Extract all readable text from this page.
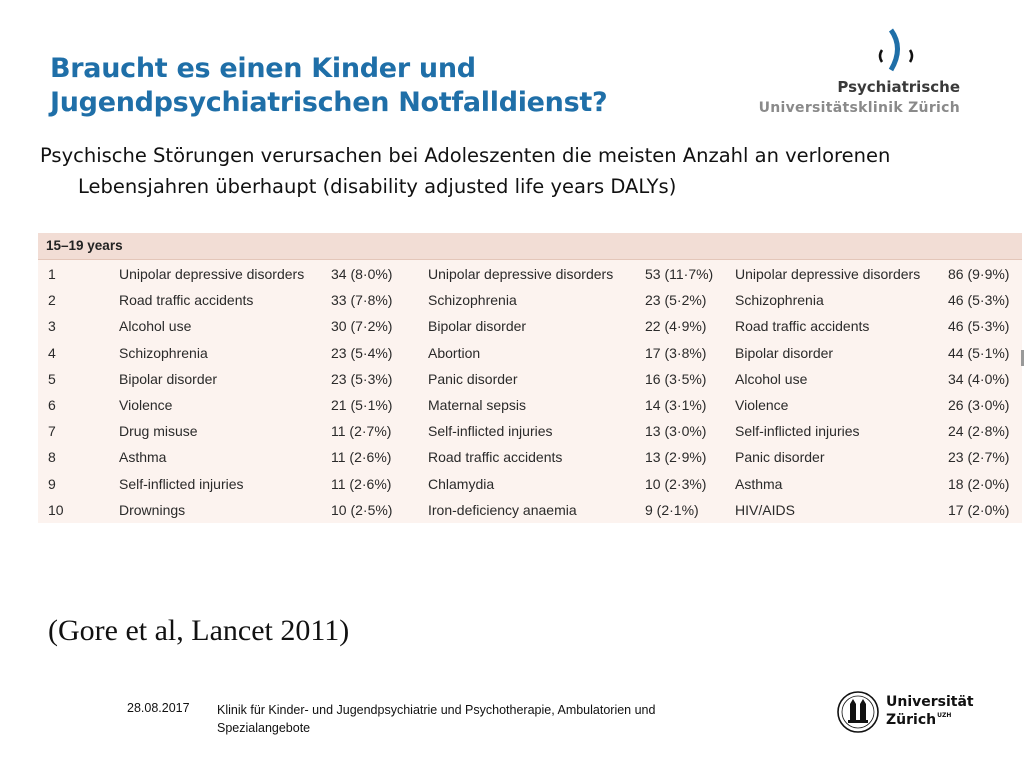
Braucht es einen Kinder und
Jugendpsychiatrischen Notfalldienst?	Psychiatrische
Universitätsklinik Zürich
Psychische Störungen verursachen bei Adoleszenten die meisten Anzahl an verlorenen
Lebensjahren überhaupt (disability adjusted life years DALYs)
15–19 years
1	Unipolar depressive disorders 34 (8·0%)	Unipolar depressive disorders 53 (11·7%) Unipolar depressive disorders 86 (9·9%)
2	Road traffic accidents	33 (7·8%)	Schizophrenia	23 (5·2%) Schizophrenia	46 (5·3%)
3	Alcohol use	30 (7·2%)	Bipolar disorder	22 (4·9%) Road traffic accidents	46 (5·3%)
4	Schizophrenia	23 (5·4%)	Abortion	17 (3·8%) Bipolar disorder	44 (5·1%)
5	Bipolar disorder	23 (5·3%)	Panic disorder	16 (3·5%) Alcohol use	34 (4·0%)
6	Violence	21 (5·1%)	Maternal sepsis	14 (3·1%) Violence	26 (3·0%)
7	Drug misuse	11 (2·7%)	Self-inflicted injuries	13 (3·0%) Self-inflicted injuries	24 (2·8%)
8	Asthma	11 (2·6%)	Road traffic accidents	13 (2·9%) Panic disorder	23 (2·7%)
9	Self-inflicted injuries	11 (2·6%)	Chlamydia	10 (2·3%) Asthma	18 (2·0%)
10	Drownings	10 (2·5%)	Iron-deficiency anaemia	9 (2·1%)	HIV/AIDS	17 (2·0%)
(Gore et al, Lancet 2011)
28.08.2017 Klinik für Kinder- und Jugendpsychiatrie und Psychotherapie, Ambulatorien und Spezialangebote
Universität
Zürich$^{UZH}$
